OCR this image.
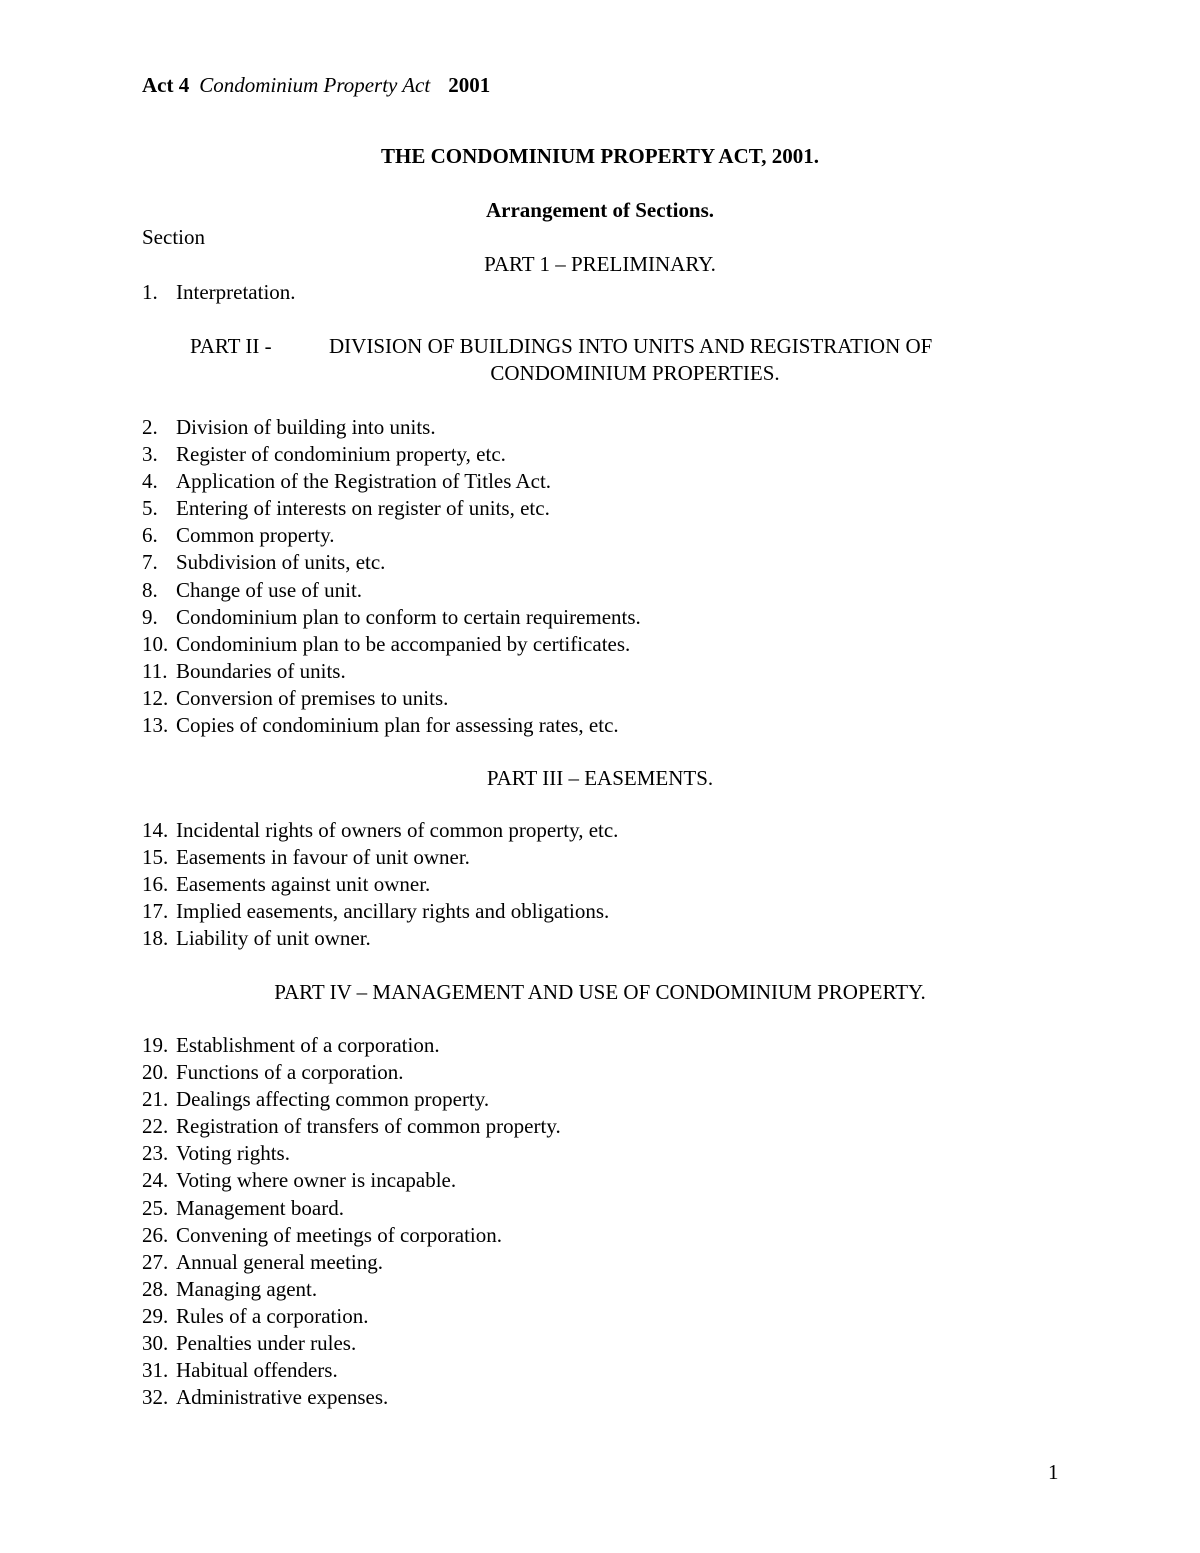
Act 4 Condominium Property Act 2001
THE CONDOMINIUM PROPERTY ACT, 2001.
Arrangement of Sections.
Section
PART 1 – PRELIMINARY.
1. Interpretation.
PART II -	DIVISION OF BUILDINGS INTO UNITS AND REGISTRATION OF
CONDOMINIUM PROPERTIES.
2. Division of building into units.
3. Register of condominium property, etc.
4. Application of the Registration of Titles Act.
5. Entering of interests on register of units, etc.
6. Common property.
7. Subdivision of units, etc.
8. Change of use of unit.
9. Condominium plan to conform to certain requirements.
10. Condominium plan to be accompanied by certificates.
11. Boundaries of units.
12. Conversion of premises to units.
13. Copies of condominium plan for assessing rates, etc.
PART III – EASEMENTS.
14. Incidental rights of owners of common property, etc.
15. Easements in favour of unit owner.
16. Easements against unit owner.
17. Implied easements, ancillary rights and obligations.
18. Liability of unit owner.
PART IV – MANAGEMENT AND USE OF CONDOMINIUM PROPERTY.
19. Establishment of a corporation.
20. Functions of a corporation.
21. Dealings affecting common property.
22. Registration of transfers of common property.
23. Voting rights.
24. Voting where owner is incapable.
25. Management board.
26. Convening of meetings of corporation.
27. Annual general meeting.
28. Managing agent.
29. Rules of a corporation.
30. Penalties under rules.
31. Habitual offenders.
32. Administrative expenses.
1
